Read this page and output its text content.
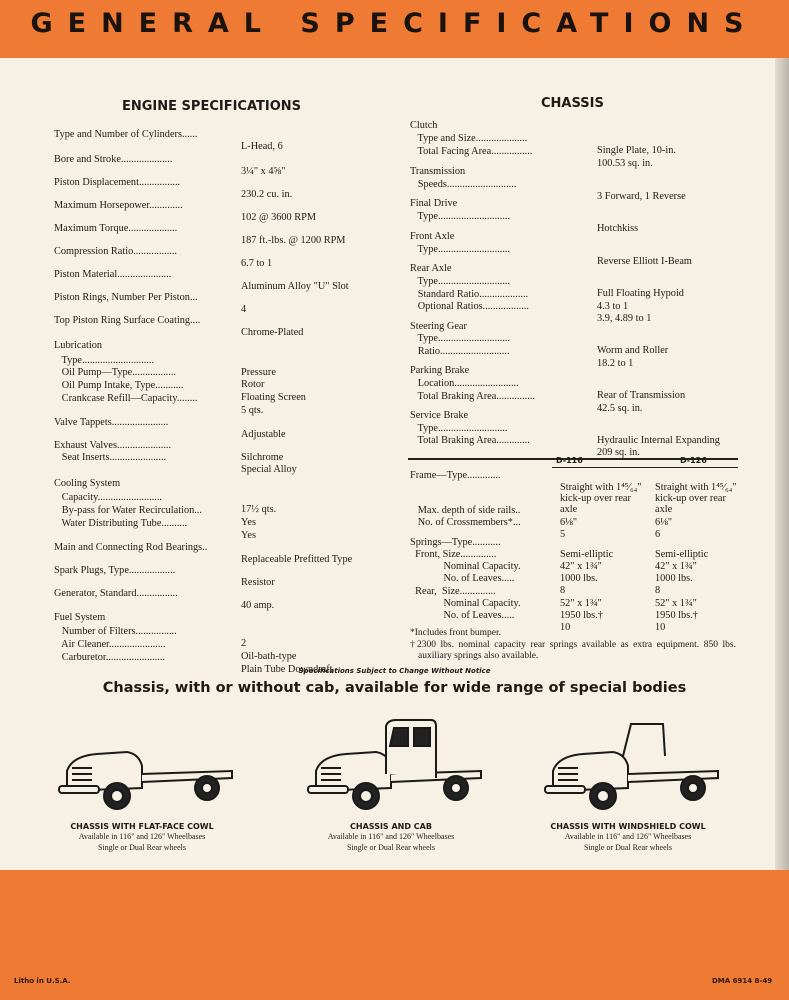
GENERAL SPECIFICATIONS
ENGINE SPECIFICATIONS
Type and Number of Cylinders......
L-Head, 6
Bore and Stroke....................
3¼" x 4⅝"
Piston Displacement................
230.2 cu. in.
Maximum Horsepower.............
102 @ 3600 RPM
Maximum Torque...................
187 ft.-lbs. @ 1200 RPM
Compression Ratio.................
6.7 to 1
Piston Material.....................
Aluminum Alloy "U" Slot
Piston Rings, Number Per Piston...
4
Top Piston Ring Surface Coating....
Chrome-Plated
Lubrication
Type............................
Pressure
Oil Pump—Type.................
Rotor
Oil Pump Intake, Type...........
Floating Screen
Crankcase Refill—Capacity........
5 qts.
Valve Tappets......................
Adjustable
Exhaust Valves.....................
Silchrome
Seat Inserts......................
Special Alloy
Cooling System
Capacity.........................
17½ qts.
By-pass for Water Recirculation...
Yes
Water Distributing Tube..........
Yes
Main and Connecting Rod Bearings..
Replaceable Prefitted Type
Spark Plugs, Type..................
Resistor
Generator, Standard................
40 amp.
Fuel System
Number of Filters................
2
Air Cleaner......................
Oil-bath-type
Carburetor.......................
Plain Tube Downdraft
CHASSIS
Clutch
Type and Size....................
Single Plate, 10-in.
Total Facing Area................
100.53 sq. in.
Transmission
Speeds...........................
3 Forward, 1 Reverse
Final Drive
Type............................
Hotchkiss
Front Axle
Type............................
Reverse Elliott I-Beam
Rear Axle
Type............................
Full Floating Hypoid
Standard Ratio...................
4.3 to 1
Optional Ratios..................
3.9, 4.89 to 1
Steering Gear
Type............................
Worm and Roller
Ratio...........................
18.2 to 1
Parking Brake
Location.........................
Rear of Transmission
Total Braking Area...............
42.5 sq. in.
Service Brake
Type...........................
Hydraulic Internal Expanding
Total Braking Area.............
209 sq. in.
D-116	D-126
Frame—Type.............
Straight with 1⁴⁵⁄₆₄" kick-up over rear axle
Straight with 1⁴⁵⁄₆₄" kick-up over rear axle
Max. depth of side rails..
6⅛"	6⅛"
No. of Crossmembers*...
5	6
Springs—Type...........
Semi-elliptic	Semi-elliptic
Front, Size..............
42" x 1¾"	42" x 1¾"
Nominal Capacity.
1000 lbs.	1000 lbs.
No. of Leaves.....
8	8
Rear,  Size..............
52" x 1¾"	52" x 1¾"
Nominal Capacity.
1950 lbs.†	1950 lbs.†
No. of Leaves.....
10	10
*Includes front bumper.
†2300 lbs. nominal capacity rear springs available as extra equipment. 850 lbs. auxiliary springs also available.
Specifications Subject to Change Without Notice
Chassis, with or without cab, available for wide range of special bodies
CHASSIS WITH FLAT-FACE COWL
Available in 116" and 126" Wheelbases
Single or Dual Rear wheels
CHASSIS AND CAB
Available in 116" and 126" Wheelbases
Single or Dual Rear wheels
CHASSIS WITH WINDSHIELD COWL
Available in 116" and 126" Wheelbases
Single or Dual Rear wheels
Litho in U.S.A.	DMA 6914 8-49
